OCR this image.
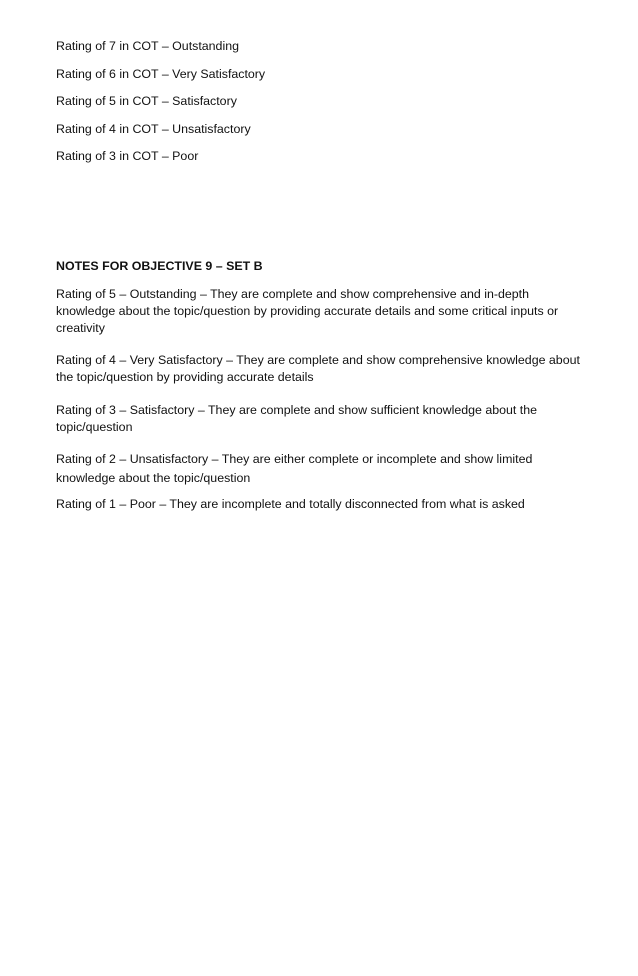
Rating of 7 in COT – Outstanding
Rating of 6 in COT – Very Satisfactory
Rating of 5 in COT – Satisfactory
Rating of 4 in COT – Unsatisfactory
Rating of 3 in COT – Poor
NOTES FOR OBJECTIVE 9 – SET B
Rating of 5 – Outstanding – They are complete and show comprehensive and in-depth knowledge about the topic/question by providing accurate details and some critical inputs or creativity
Rating of 4 – Very Satisfactory – They are complete and show comprehensive knowledge about the topic/question by providing accurate details
Rating of 3 – Satisfactory – They are complete and show sufficient knowledge about the topic/question
Rating of 2 – Unsatisfactory – They are either complete or incomplete and show limited knowledge about the topic/question
Rating of 1 – Poor – They are incomplete and totally disconnected from what is asked
